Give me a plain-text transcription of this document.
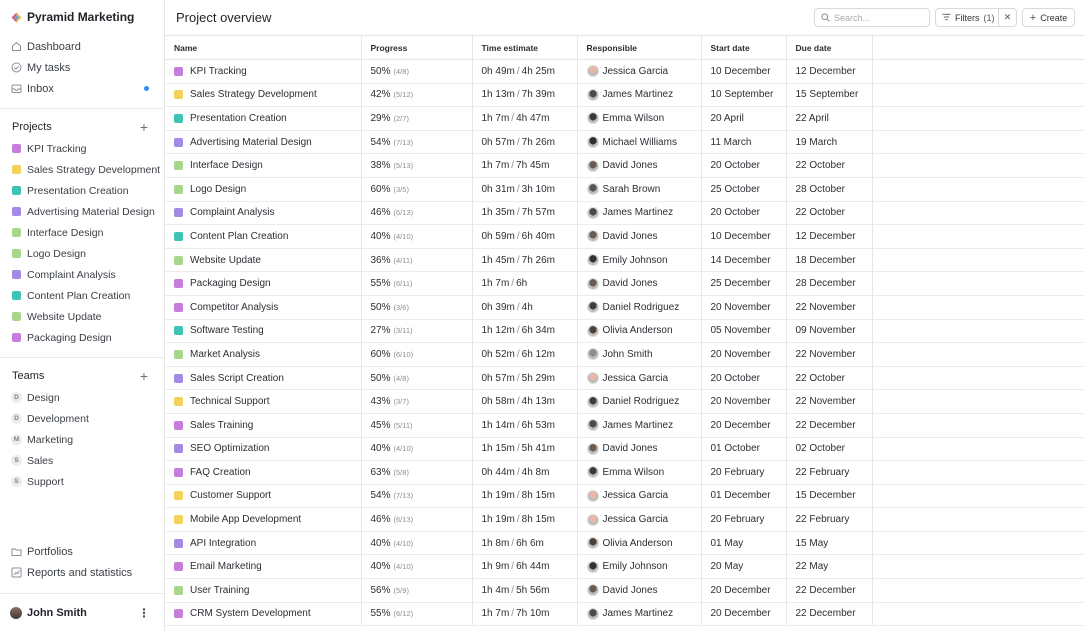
Pyramid Marketing
Dashboard
My tasks
Inbox
Projects	+
KPI Tracking
Sales Strategy Development
Presentation Creation
Advertising Material Design
Interface Design
Logo Design
Complaint Analysis
Content Plan Creation
Website Update
Packaging Design
Teams	+
D Design
D Development
M Marketing
S Sales
S Support
Portfolios
Reports and statistics
John Smith	⋮
Project overview
Search...	Filters (1)	✕	+ Create
Name	Progress	Time estimate	Responsible	Start date	Due date

KPI Tracking	50% (4/8)	0h 49m / 4h 25m	Jessica Garcia	10 December	12 December

Sales Strategy Development	42% (5/12)	1h 13m / 7h 39m	James Martinez	10 September	15 September

Presentation Creation	29% (2/7)	1h 7m / 4h 47m	Emma Wilson	20 April	22 April

Advertising Material Design	54% (7/13)	0h 57m / 7h 26m	Michael Williams	11 March	19 March

Interface Design	38% (5/13)	1h 7m / 7h 45m	David Jones	20 October	22 October

Logo Design	60% (3/5)	0h 31m / 3h 10m	Sarah Brown	25 October	28 October

Complaint Analysis	46% (6/13)	1h 35m / 7h 57m	James Martinez	20 October	22 October

Content Plan Creation	40% (4/10)	0h 59m / 6h 40m	David Jones	10 December	12 December

Website Update	36% (4/11)	1h 45m / 7h 26m	Emily Johnson	14 December	18 December

Packaging Design	55% (6/11)	1h 7m / 6h	David Jones	25 December	28 December

Competitor Analysis	50% (3/6)	0h 39m / 4h	Daniel Rodriguez	20 November	22 November

Software Testing	27% (3/11)	1h 12m / 6h 34m	Olivia Anderson	05 November	09 November

Market Analysis	60% (6/10)	0h 52m / 6h 12m	John Smith	20 November	22 November

Sales Script Creation	50% (4/8)	0h 57m / 5h 29m	Jessica Garcia	20 October	22 October

Technical Support	43% (3/7)	0h 58m / 4h 13m	Daniel Rodriguez	20 November	22 November

Sales Training	45% (5/11)	1h 14m / 6h 53m	James Martinez	20 December	22 December

SEO Optimization	40% (4/10)	1h 15m / 5h 41m	David Jones	01 October	02 October

FAQ Creation	63% (5/8)	0h 44m / 4h 8m	Emma Wilson	20 February	22 February

Customer Support	54% (7/13)	1h 19m / 8h 15m	Jessica Garcia	01 December	15 December

Mobile App Development	46% (6/13)	1h 19m / 8h 15m	Jessica Garcia	20 February	22 February

API Integration	40% (4/10)	1h 8m / 6h 6m	Olivia Anderson	01 May	15 May

Email Marketing	40% (4/10)	1h 9m / 6h 44m	Emily Johnson	20 May	22 May

User Training	56% (5/9)	1h 4m / 5h 56m	David Jones	20 December	22 December

CRM System Development	55% (6/12)	1h 7m / 7h 10m	James Martinez	20 December	22 December
